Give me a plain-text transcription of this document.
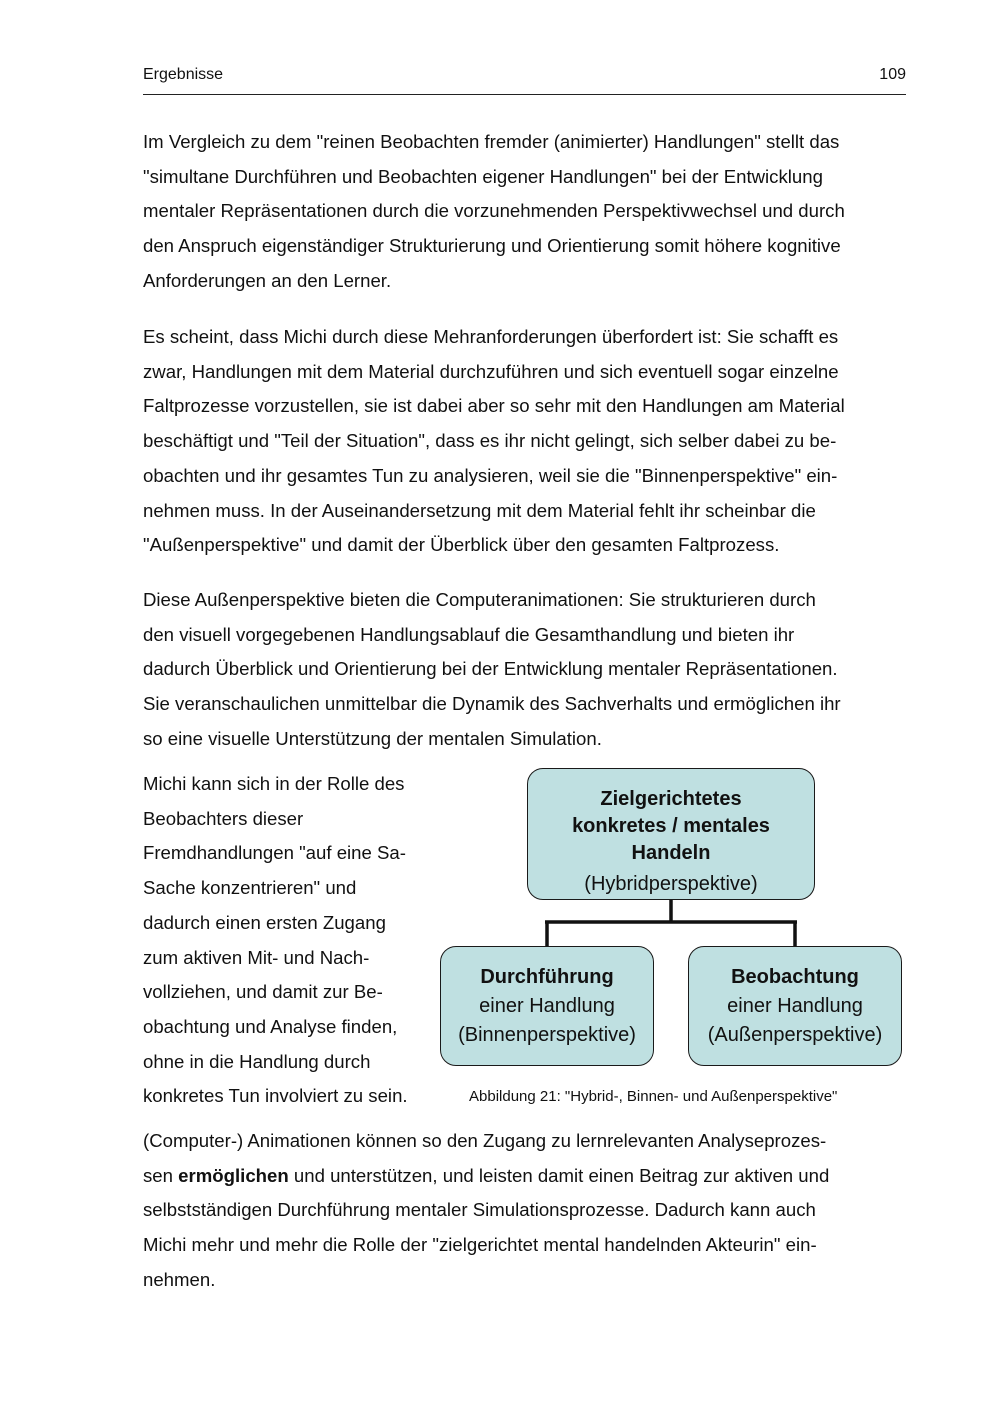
Ergebnisse	109

Im Vergleich zu dem "reinen Beobachten fremder (animierter) Handlungen" stellt das
"simultane Durchführen und Beobachten eigener Handlungen" bei der Entwicklung
mentaler Repräsentationen durch die vorzunehmenden Perspektivwechsel und durch
den Anspruch eigenständiger Strukturierung und Orientierung somit höhere kognitive
Anforderungen an den Lerner.

Es scheint, dass Michi durch diese Mehranforderungen überfordert ist: Sie schafft es
zwar, Handlungen mit dem Material durchzuführen und sich eventuell sogar einzelne
Faltprozesse vorzustellen, sie ist dabei aber so sehr mit den Handlungen am Material
beschäftigt und "Teil der Situation", dass es ihr nicht gelingt, sich selber dabei zu be-
obachten und ihr gesamtes Tun zu analysieren, weil sie die "Binnenperspektive" ein-
nehmen muss. In der Auseinandersetzung mit dem Material fehlt ihr scheinbar die
"Außenperspektive" und damit der Überblick über den gesamten Faltprozess.

Diese Außenperspektive bieten die Computeranimationen: Sie strukturieren durch
den visuell vorgegebenen Handlungsablauf die Gesamthandlung und bieten ihr
dadurch Überblick und Orientierung bei der Entwicklung mentaler Repräsentationen.
Sie veranschaulichen unmittelbar die Dynamik des Sachverhalts und ermöglichen ihr
so eine visuelle Unterstützung der mentalen Simulation.

Michi kann sich in der Rolle des
Beobachters dieser
Fremdhandlungen "auf eine Sa-
Sache konzentrieren" und
dadurch einen ersten Zugang
zum aktiven Mit- und Nach-
vollziehen, und damit zur Be-
obachtung und Analyse finden,
ohne in die Handlung durch
konkretes Tun involviert zu sein.

Zielgerichtetes
konkretes / mentales
Handeln
(Hybridperspektive)
Durchführung
einer Handlung
(Binnenperspektive)
Beobachtung
einer Handlung
(Außenperspektive)
Abbildung 21: "Hybrid-, Binnen- und Außenperspektive"

(Computer-) Animationen können so den Zugang zu lernrelevanten Analyseprozes-
sen ermöglichen und unterstützen, und leisten damit einen Beitrag zur aktiven und
selbstständigen Durchführung mentaler Simulationsprozesse. Dadurch kann auch
Michi mehr und mehr die Rolle der "zielgerichtet mental handelnden Akteurin" ein-
nehmen.
